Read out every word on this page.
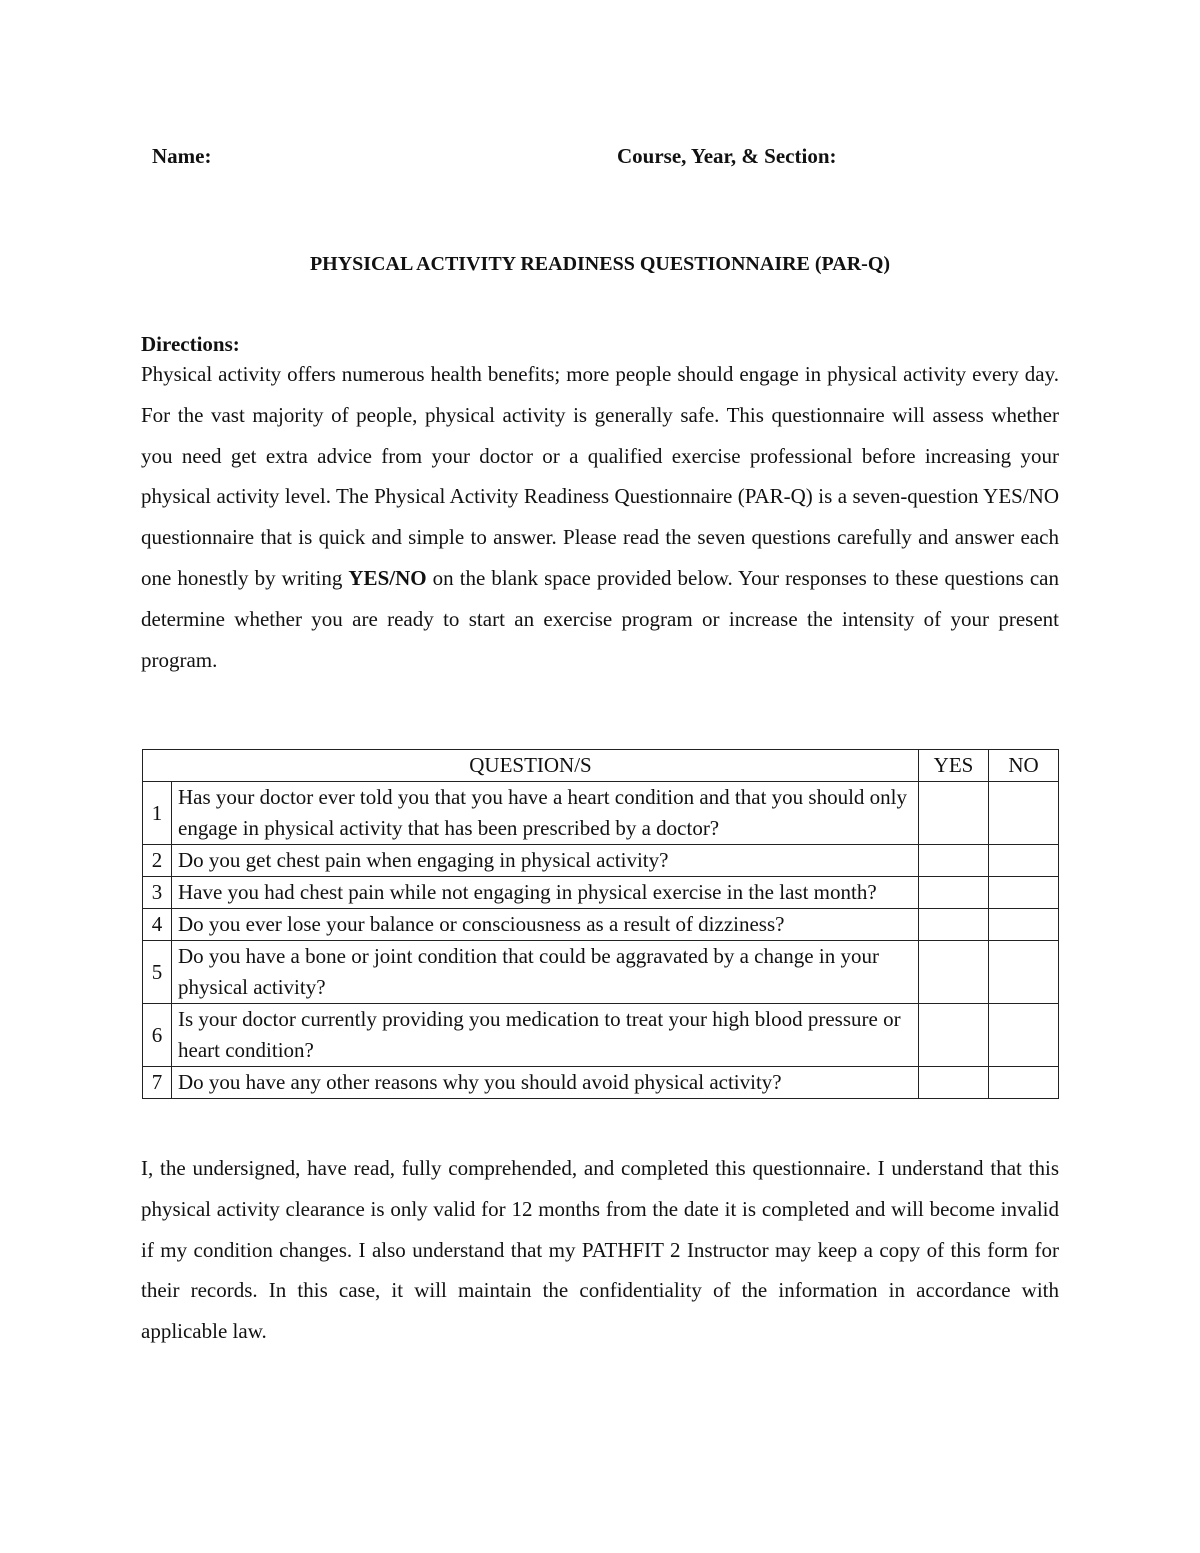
Name:	Course, Year, & Section:
PHYSICAL ACTIVITY READINESS QUESTIONNAIRE (PAR-Q)
Directions:
Physical activity offers numerous health benefits; more people should engage in physical activity every day. For the vast majority of people, physical activity is generally safe. This questionnaire will assess whether you need get extra advice from your doctor or a qualified exercise professional before increasing your physical activity level. The Physical Activity Readiness Questionnaire (PAR-Q) is a seven-question YES/NO questionnaire that is quick and simple to answer. Please read the seven questions carefully and answer each one honestly by writing YES/NO on the blank space provided below. Your responses to these questions can determine whether you are ready to start an exercise program or increase the intensity of your present program.
QUESTION/S		YES	NO
1	Has your doctor ever told you that you have a heart condition and that you should only engage in physical activity that has been prescribed by a doctor?		
2	Do you get chest pain when engaging in physical activity?		
3	Have you had chest pain while not engaging in physical exercise in the last month?		
4	Do you ever lose your balance or consciousness as a result of dizziness?		
5	Do you have a bone or joint condition that could be aggravated by a change in your physical activity?		
6	Is your doctor currently providing you medication to treat your high blood pressure or heart condition?		
7	Do you have any other reasons why you should avoid physical activity?		
I, the undersigned, have read, fully comprehended, and completed this questionnaire. I understand that this physical activity clearance is only valid for 12 months from the date it is completed and will become invalid if my condition changes. I also understand that my PATHFIT 2 Instructor may keep a copy of this form for their records. In this case, it will maintain the confidentiality of the information in accordance with applicable law.
